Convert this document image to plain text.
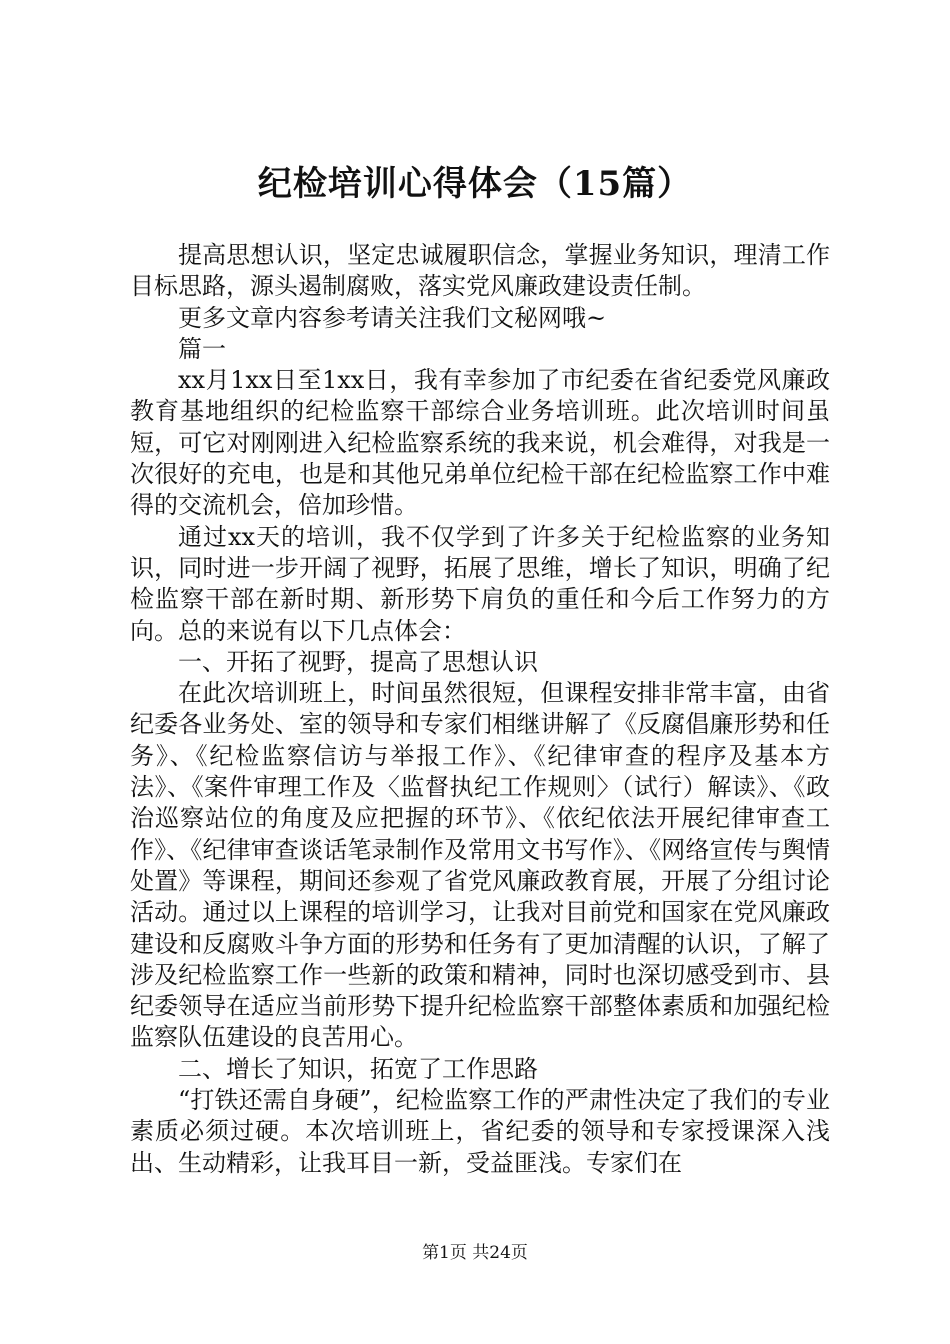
纪检培训心得体会（15篇）

提高思想认识，坚定忠诚履职信念，掌握业务知识，理清工作目标思路，源头遏制腐败，落实党风廉政建设责任制。

更多文章内容参考请关注我们文秘网哦~

篇一

xx月1xx日至1xx日，我有幸参加了市纪委在省纪委党风廉政教育基地组织的纪检监察干部综合业务培训班。此次培训时间虽短，可它对刚刚进入纪检监察系统的我来说，机会难得，对我是一次很好的充电，也是和其他兄弟单位纪检干部在纪检监察工作中难得的交流机会，倍加珍惜。

通过xx天的培训，我不仅学到了许多关于纪检监察的业务知识，同时进一步开阔了视野，拓展了思维，增长了知识，明确了纪检监察干部在新时期、新形势下肩负的重任和今后工作努力的方向。总的来说有以下几点体会：

一、开拓了视野，提高了思想认识

在此次培训班上，时间虽然很短，但课程安排非常丰富，由省纪委各业务处、室的领导和专家们相继讲解了《反腐倡廉形势和任务》、《纪检监察信访与举报工作》、《纪律审查的程序及基本方法》、《案件审理工作及〈监督执纪工作规则〉（试行）解读》、《政治巡察站位的角度及应把握的环节》、《依纪依法开展纪律审查工作》、《纪律审查谈话笔录制作及常用文书写作》、《网络宣传与舆情处置》等课程，期间还参观了省党风廉政教育展，开展了分组讨论活动。通过以上课程的培训学习，让我对目前党和国家在党风廉政建设和反腐败斗争方面的形势和任务有了更加清醒的认识，了解了涉及纪检监察工作一些新的政策和精神，同时也深切感受到市、县纪委领导在适应当前形势下提升纪检监察干部整体素质和加强纪检监察队伍建设的良苦用心。

二、增长了知识，拓宽了工作思路

“打铁还需自身硬”，纪检监察工作的严肃性决定了我们的专业素质必须过硬。本次培训班上，省纪委的领导和专家授课深入浅出、生动精彩，让我耳目一新，受益匪浅。专家们在

第1页 共24页
